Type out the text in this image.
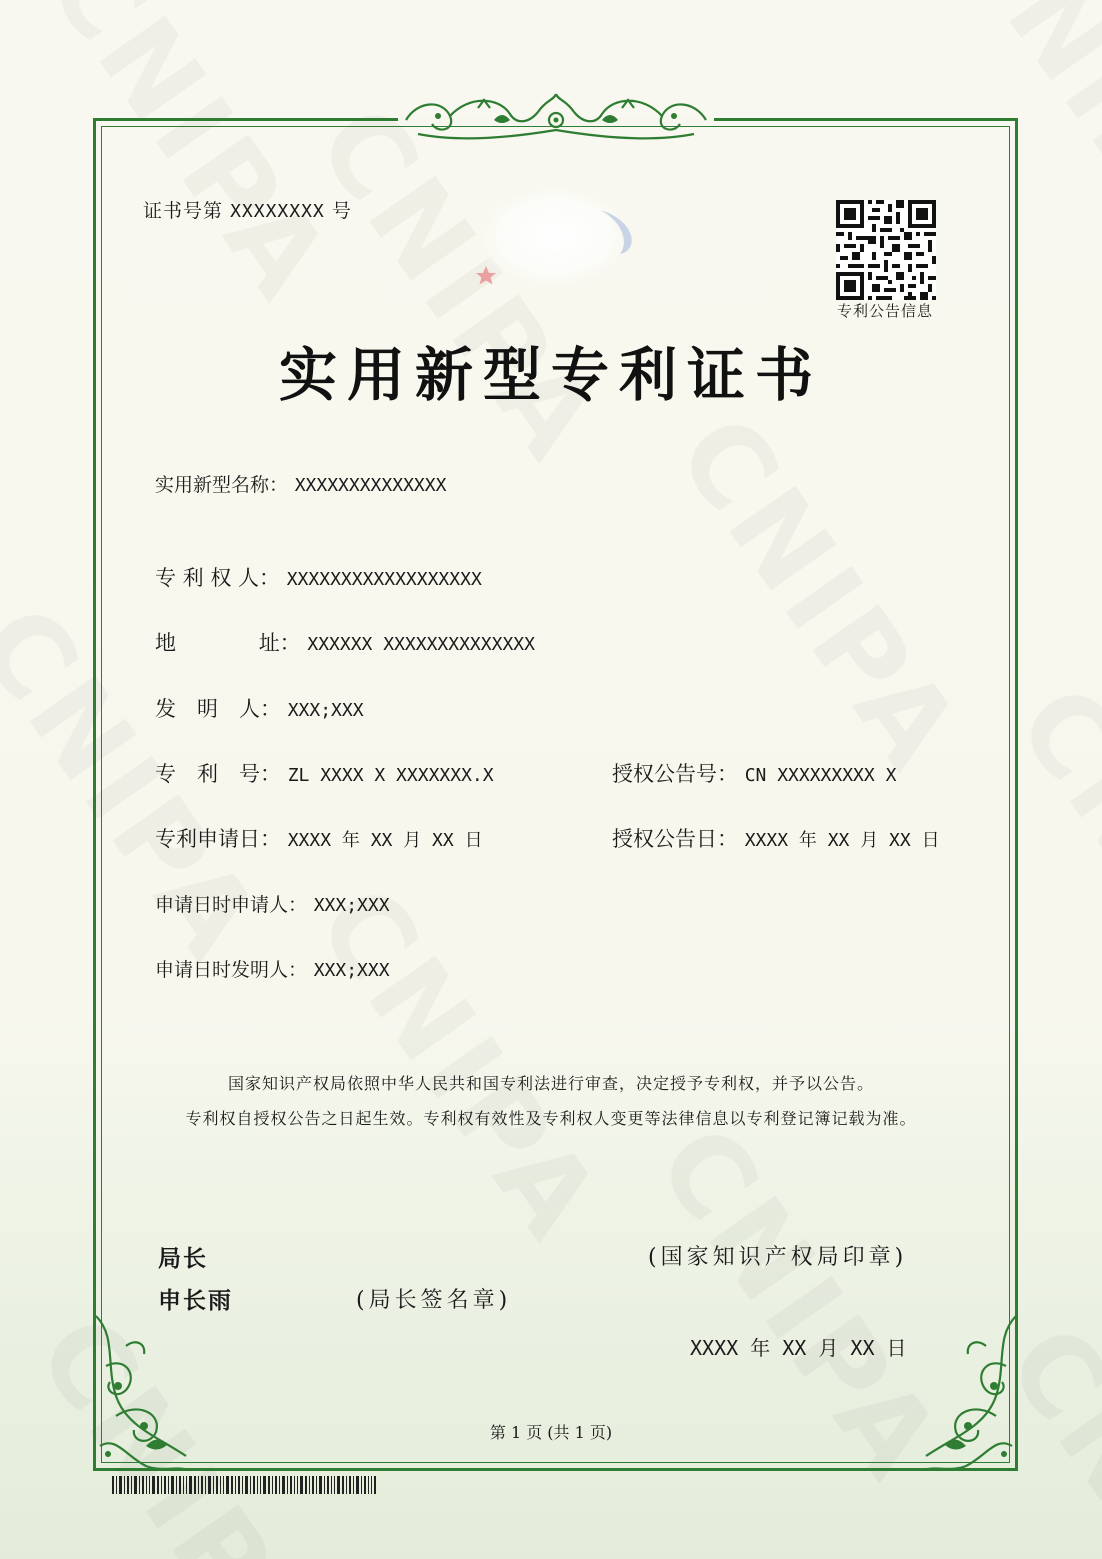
证书号第 XXXXXXXX 号
专利公告信息
实用新型专利证书
实用新型名称： XXXXXXXXXXXXXX
专 利 权 人： XXXXXXXXXXXXXXXXXX
地	址： XXXXXX XXXXXXXXXXXXXX
发　明　人： XXX;XXX
专　利　号： ZL XXXX X XXXXXXX.X	授权公告号： CN XXXXXXXXX X
专利申请日： XXXX 年 XX 月 XX 日	授权公告日： XXXX 年 XX 月 XX 日
申请日时申请人： XXX;XXX
申请日时发明人： XXX;XXX
国家知识产权局依照中华人民共和国专利法进行审查，决定授予专利权，并予以公告。
专利权自授权公告之日起生效。专利权有效性及专利权人变更等法律信息以专利登记簿记载为准。
局长
申长雨	(局长签名章)
(国家知识产权局印章)
XXXX 年 XX 月 XX 日
第 1 页 (共 1 页)
